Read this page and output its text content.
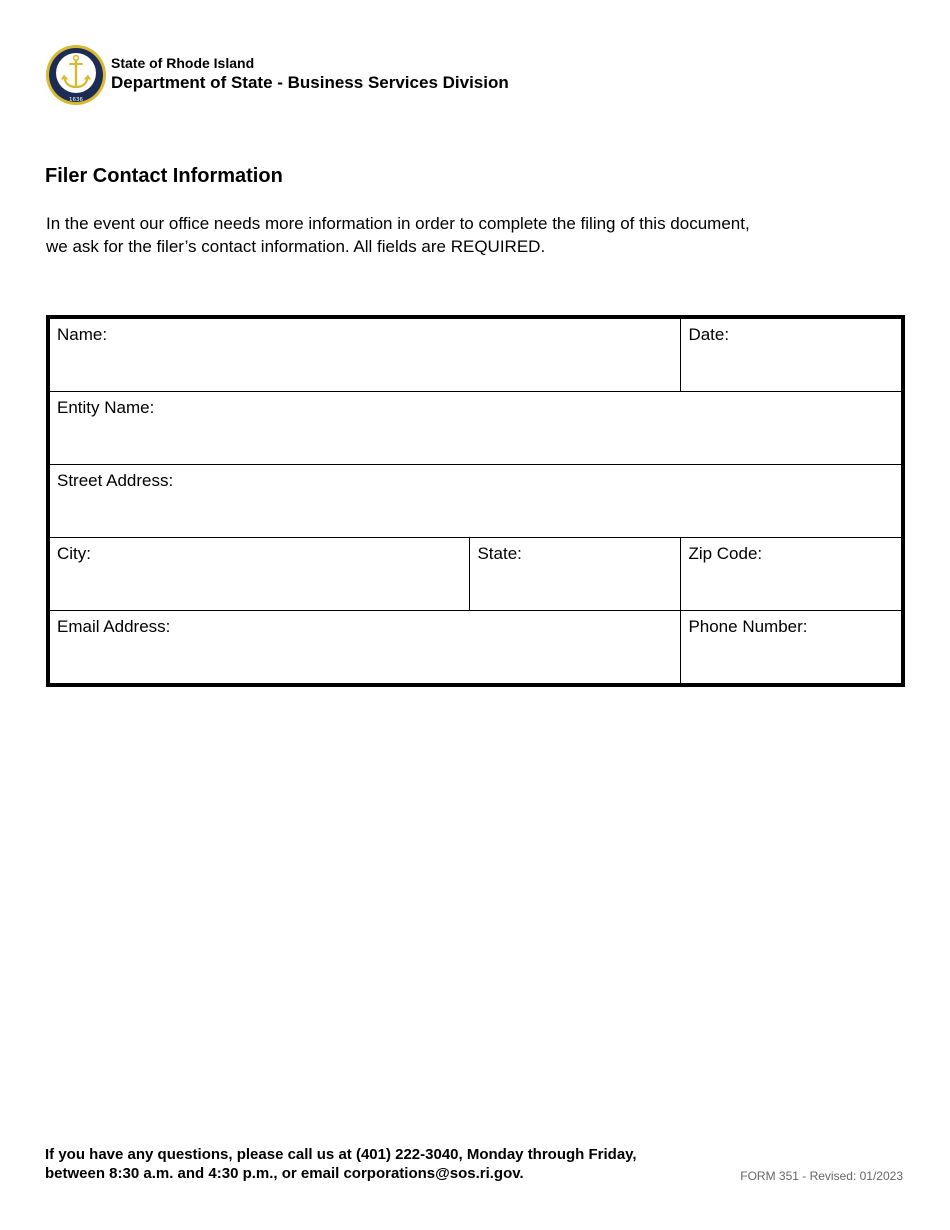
1636
State of Rhode Island
Department of State - Business Services Division
Filer Contact Information

In the event our office needs more information in order to complete the filing of this document, we ask for the filer’s contact information. All fields are REQUIRED.

Name:		Date:
Entity Name:		
Street Address:		
City:	State:	Zip Code:
Email Address:		Phone Number:

If you have any questions, please call us at (401) 222-3040, Monday through Friday,
between 8:30 a.m. and 4:30 p.m., or email corporations@sos.ri.gov.	FORM 351 - Revised: 01/2023
